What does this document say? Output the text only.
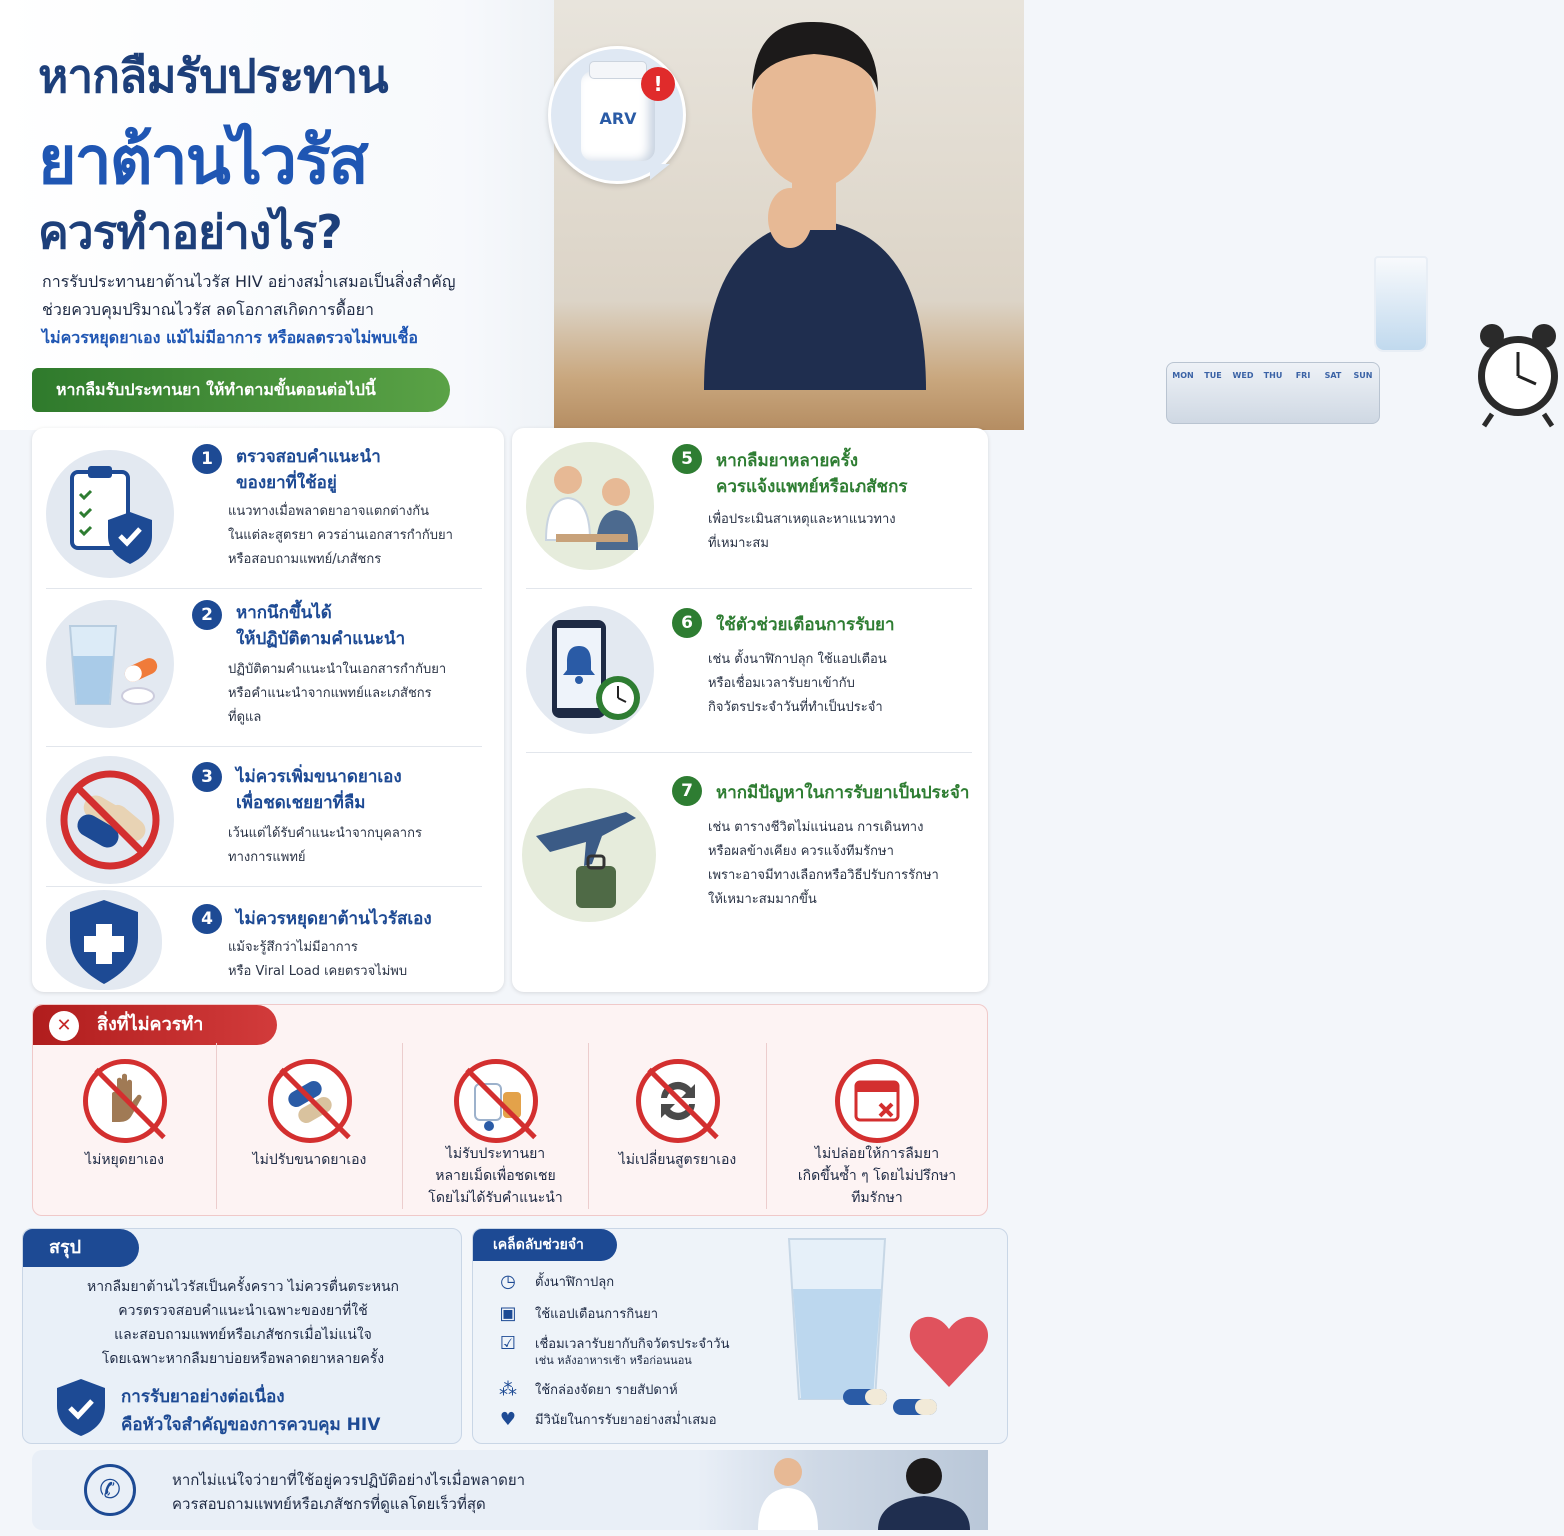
MON TUE WED THU FRI SAT SUN
หากลืมรับประทาน
ยาต้านไวรัส
ควรทำอย่างไร?
ARV
!
การรับประทานยาต้านไวรัส HIV อย่างสม่ำเสมอเป็นสิ่งสำคัญ
ช่วยควบคุมปริมาณไวรัส ลดโอกาสเกิดการดื้อยา
ไม่ควรหยุดยาเอง แม้ไม่มีอาการ หรือผลตรวจไม่พบเชื้อ
หากลืมรับประทานยา ให้ทำตามขั้นตอนต่อไปนี้
1	ตรวจสอบคำแนะนำ
ของยาที่ใช้อยู่
แนวทางเมื่อพลาดยาอาจแตกต่างกัน
ในแต่ละสูตรยา ควรอ่านเอกสารกำกับยา
หรือสอบถามแพทย์/เภสัชกร
2	หากนึกขึ้นได้
ให้ปฏิบัติตามคำแนะนำ
ปฏิบัติตามคำแนะนำในเอกสารกำกับยา
หรือคำแนะนำจากแพทย์และเภสัชกร
ที่ดูแล
3	ไม่ควรเพิ่มขนาดยาเอง
เพื่อชดเชยยาที่ลืม
เว้นแต่ได้รับคำแนะนำจากบุคลากร
ทางการแพทย์
4	ไม่ควรหยุดยาต้านไวรัสเอง
แม้จะรู้สึกว่าไม่มีอาการ
หรือ Viral Load เคยตรวจไม่พบ
5	หากลืมยาหลายครั้ง
ควรแจ้งแพทย์หรือเภสัชกร
เพื่อประเมินสาเหตุและหาแนวทาง
ที่เหมาะสม
6	ใช้ตัวช่วยเตือนการรับยา
เช่น ตั้งนาฬิกาปลุก ใช้แอปเตือน
หรือเชื่อมเวลารับยาเข้ากับ
กิจวัตรประจำวันที่ทำเป็นประจำ
7	หากมีปัญหาในการรับยาเป็นประจำ
เช่น ตารางชีวิตไม่แน่นอน การเดินทาง
หรือผลข้างเคียง ควรแจ้งทีมรักษา
เพราะอาจมีทางเลือกหรือวิธีปรับการรักษา
ให้เหมาะสมมากขึ้น
✕	สิ่งที่ไม่ควรทำ
ไม่หยุดยาเอง	ไม่ปรับขนาดยาเอง	ไม่รับประทานยา
หลายเม็ดเพื่อชดเชย
โดยไม่ได้รับคำแนะนำ
ไม่เปลี่ยนสูตรยาเอง	ไม่ปล่อยให้การลืมยา
เกิดขึ้นซ้ำ ๆ โดยไม่ปรึกษา
ทีมรักษา
สรุป
หากลืมยาต้านไวรัสเป็นครั้งคราว ไม่ควรตื่นตระหนก
ควรตรวจสอบคำแนะนำเฉพาะของยาที่ใช้
และสอบถามแพทย์หรือเภสัชกรเมื่อไม่แน่ใจ
โดยเฉพาะหากลืมยาบ่อยหรือพลาดยาหลายครั้ง
การรับยาอย่างต่อเนื่อง
คือหัวใจสำคัญของการควบคุม HIV
เคล็ดลับช่วยจำ
◷	ตั้งนาฬิกาปลุก
▣	ใช้แอปเตือนการกินยา
☑	เชื่อมเวลารับยากับกิจวัตรประจำวัน
เช่น หลังอาหารเช้า หรือก่อนนอน
⁂	ใช้กล่องจัดยา รายสัปดาห์
♥	มีวินัยในการรับยาอย่างสม่ำเสมอ
✆	หากไม่แน่ใจว่ายาที่ใช้อยู่ควรปฏิบัติอย่างไรเมื่อพลาดยา
ควรสอบถามแพทย์หรือเภสัชกรที่ดูแลโดยเร็วที่สุด
